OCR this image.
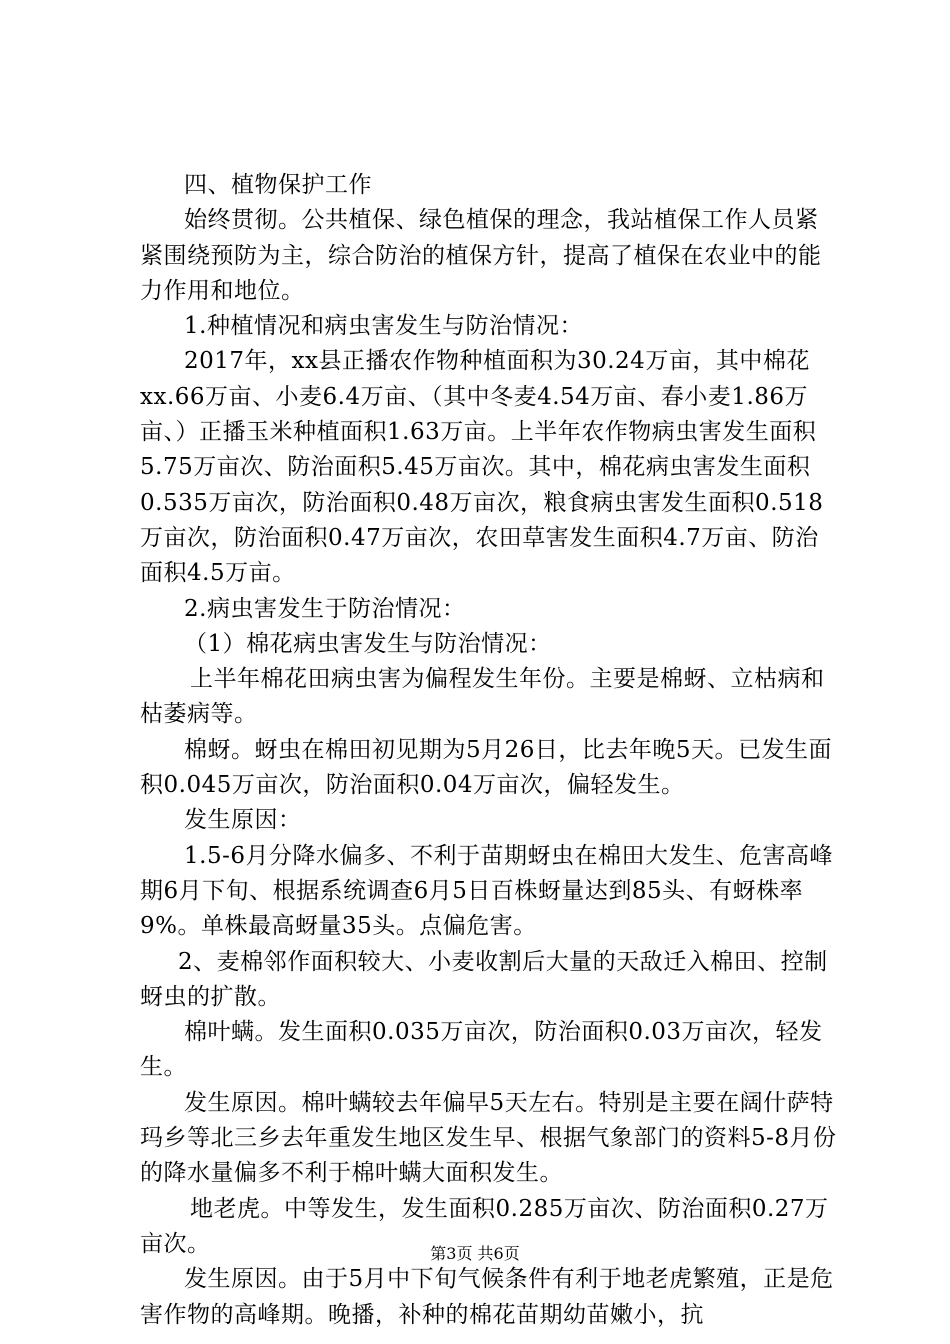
四、植物保护工作

始终贯彻。公共植保、绿色植保的理念，我站植保工作人员紧紧围绕预防为主，综合防治的植保方针，提高了植保在农业中的能力作用和地位。

1.种植情况和病虫害发生与防治情况：

2017年，xx县正播农作物种植面积为30.24万亩，其中棉花xx.66万亩、小麦6.4万亩、（其中冬麦4.54万亩、春小麦1.86万亩、）正播玉米种植面积1.63万亩。上半年农作物病虫害发生面积5.75万亩次、防治面积5.45万亩次。其中，棉花病虫害发生面积0.535万亩次，防治面积0.48万亩次，粮食病虫害发生面积0.518万亩次，防治面积0.47万亩次，农田草害发生面积4.7万亩、防治面积4.5万亩。

2.病虫害发生于防治情况：

（1）棉花病虫害发生与防治情况：

上半年棉花田病虫害为偏程发生年份。主要是棉蚜、立枯病和枯萎病等。

棉蚜。蚜虫在棉田初见期为5月26日，比去年晚5天。已发生面积0.045万亩次，防治面积0.04万亩次，偏轻发生。

发生原因：

1.5-6月分降水偏多、不利于苗期蚜虫在棉田大发生、危害高峰期6月下旬、根据系统调查6月5日百株蚜量达到85头、有蚜株率9%。单株最高蚜量35头。点偏危害。

2、麦棉邻作面积较大、小麦收割后大量的天敌迁入棉田、控制蚜虫的扩散。

棉叶螨。发生面积0.035万亩次，防治面积0.03万亩次，轻发生。

发生原因。棉叶螨较去年偏早5天左右。特别是主要在阔什萨特玛乡等北三乡去年重发生地区发生早、根据气象部门的资料5-8月份的降水量偏多不利于棉叶螨大面积发生。

地老虎。中等发生，发生面积0.285万亩次、防治面积0.27万亩次。

发生原因。由于5月中下旬气候条件有利于地老虎繁殖，正是危害作物的高峰期。晚播，补种的棉花苗期幼苗嫩小，抗

第3页 共6页
